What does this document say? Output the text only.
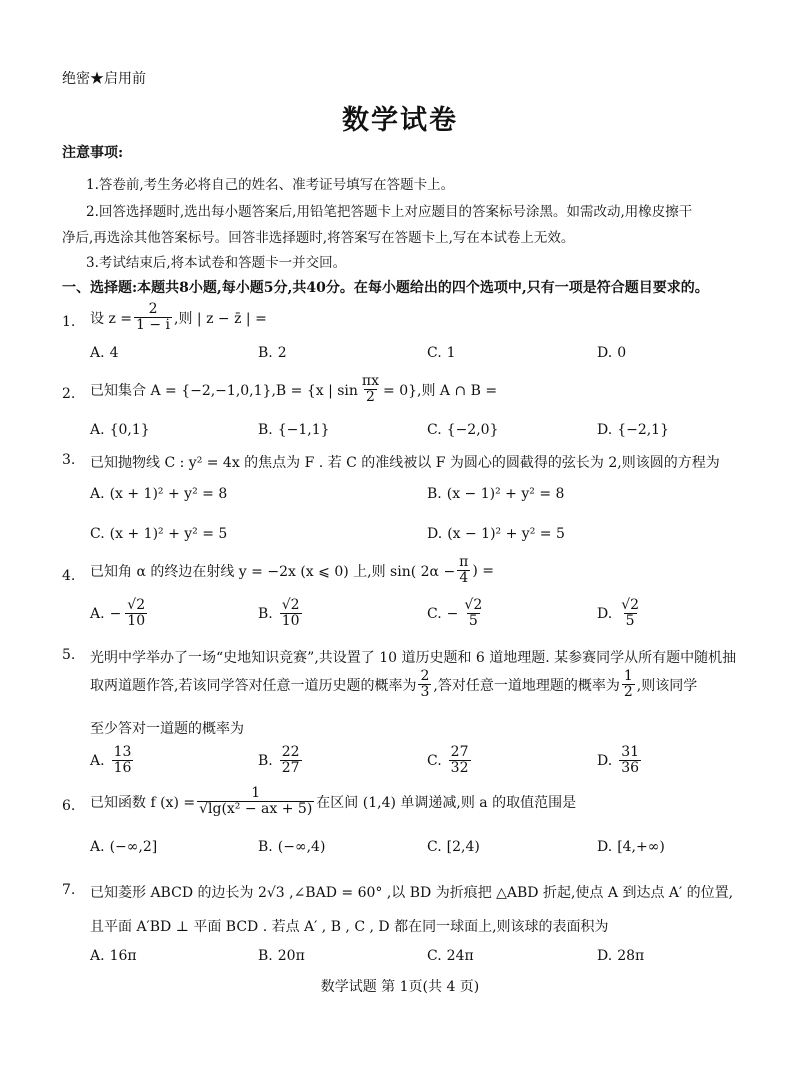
绝密★启用前
数学试卷
注意事项:
1.答卷前,考生务必将自己的姓名、准考证号填写在答题卡上。
2.回答选择题时,选出每小题答案后,用铅笔把答题卡上对应题目的答案标号涂黑。如需改动,用橡皮擦干
净后,再选涂其他答案标号。回答非选择题时,将答案写在答题卡上,写在本试卷上无效。
3.考试结束后,将本试卷和答题卡一并交回。
一、选择题:本题共8小题,每小题5分,共40分。在每小题给出的四个选项中,只有一项是符合题目要求的。
1. 设 $z = \frac{2}{1 - i}$ ,则 | z − z̄ | =
A. 4	B. 2	C. 1	D. 0
2. 已知集合 A = {−2,−1,0,1},B = {x | $\sin \frac{\pi x}{2} = 0$},则 A ∩ B =
A. {0,1}	B. {−1,1}	C. {−2,0}	D. {−2,1}
3. 已知抛物线 C : y² = 4x 的焦点为 F . 若 C 的准线被以 F 为圆心的圆截得的弦长为 2,则该圆的方程为
A. (x + 1)² + y² = 8	B. (x − 1)² + y² = 8
C. (x + 1)² + y² = 5	D. (x − 1)² + y² = 5
4. 已知角 α 的终边在射线 y = −2x (x ⩽ 0) 上,则 sin( $2\alpha - \frac{\pi}{4}$ ) =
A. − $\frac{√2}{10}$	B. $\frac{√2}{10}$	C. − $\frac{√2}{5}$	D. $\frac{√2}{5}$
5. 光明中学举办了一场“史地知识竞赛”,共设置了 10 道历史题和 6 道地理题. 某参赛同学从所有题中随机抽
取两道题作答,若该同学答对任意一道历史题的概率为 $\frac{2}{3}$ ,答对任意一道地理题的概率为 $\frac{1}{2}$ ,则该同学
至少答对一道题的概率为
A. $\frac{13}{16}$	B. $\frac{22}{27}$	C. $\frac{27}{32}$	D. $\frac{31}{36}$
6. 已知函数 f $(x) = \frac{1}{\text{√lg(x² − ax + 5)}}$ 在区间 (1,4) 单调递减,则 a 的取值范围是
A. (−∞,2]	B. (−∞,4)	C. [2,4)	D. [4,+∞)
7. 已知菱形 ABCD 的边长为 2√3 ,∠BAD = 60° ,以 BD 为折痕把 △ABD 折起,使点 A 到达点 A′ 的位置,
且平面 A′BD ⊥ 平面 BCD . 若点 A′ , B , C , D 都在同一球面上,则该球的表面积为
A. 16π	B. 20π	C. 24π	D. 28π
数学试题 第 1页(共 4 页)
